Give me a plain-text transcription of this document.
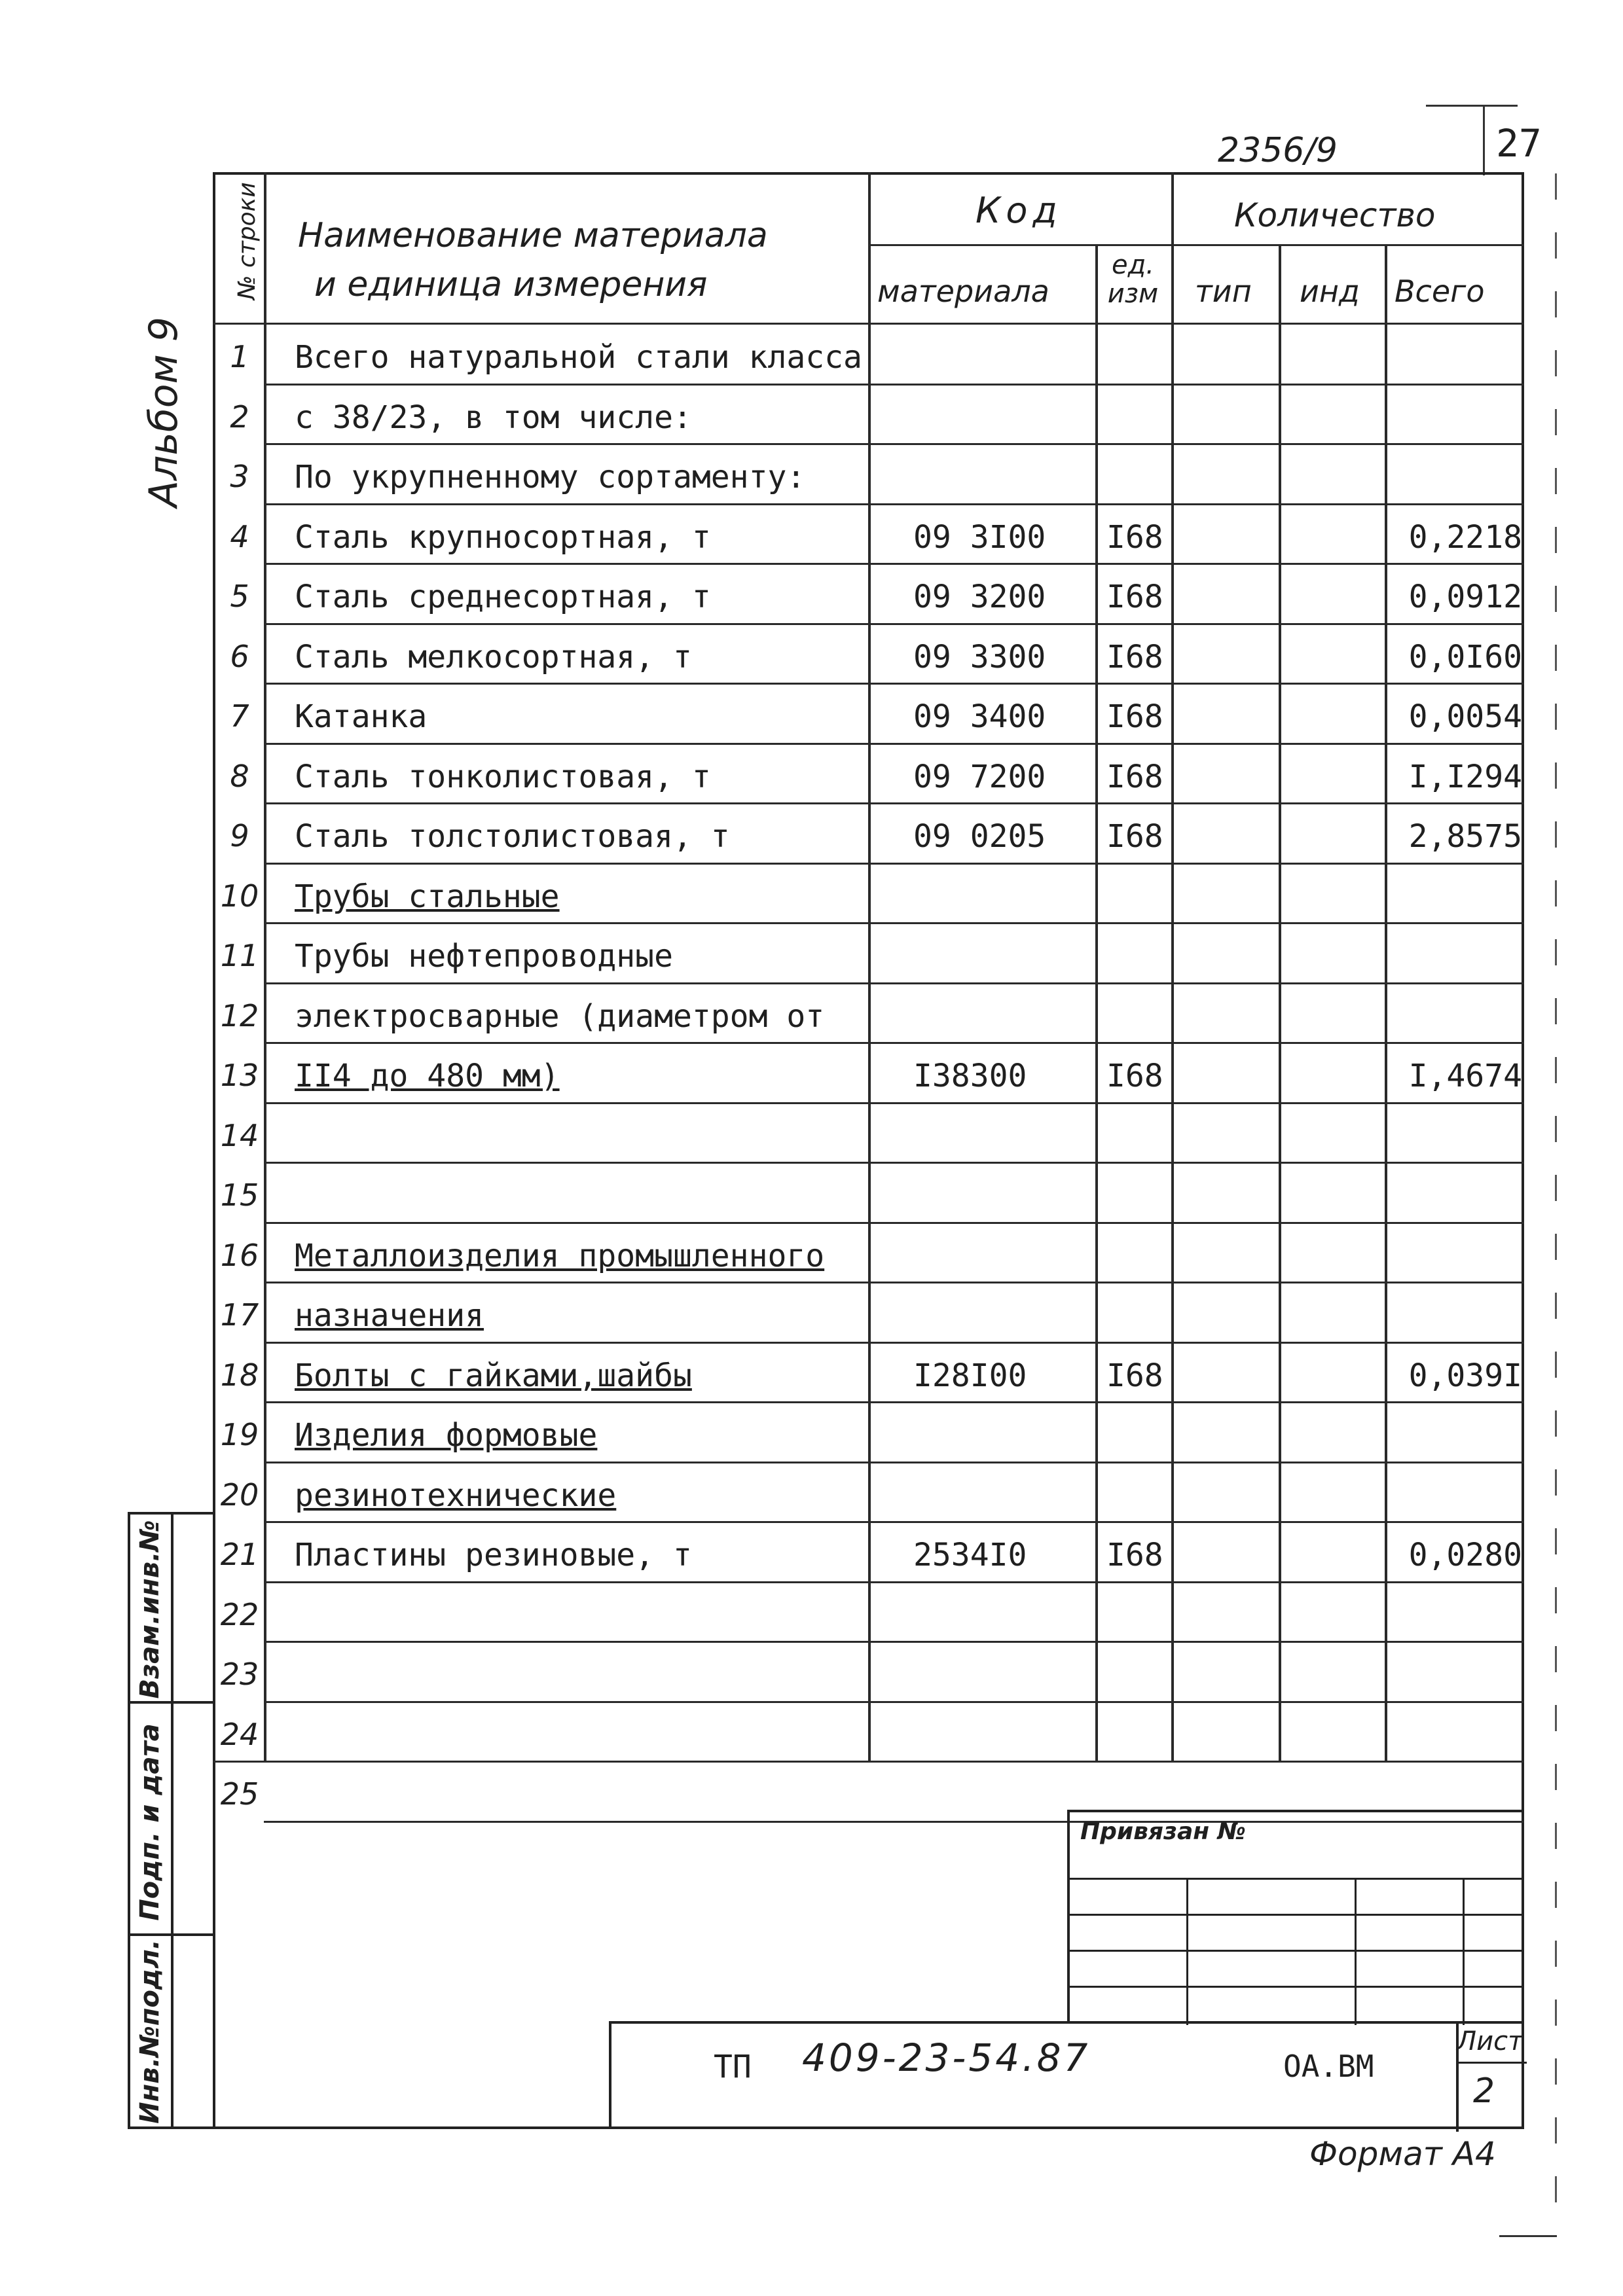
27
2356/9
Альбом 9
Взам.инв.№
Подп. и дата
Инв.№подл.
№ строки Наименование материала
и единица измерения
Код
материала
ед. изм
Количество
тип инд Всего
1	Всего натуральной стали класса
2	с 38/23, в том числе:
3	По укрупненному сортаменту:
4	Сталь крупносортная, т	09 3I00 I68	0,2218
5	Сталь среднесортная, т	09 3200 I68	0,0912
6	Сталь мелкосортная, т	09 3300 I68	0,0I60
7	Катанка	09 3400 I68	0,0054
8	Сталь тонколистовая, т	09 7200 I68	I,I294
9	Сталь толстолистовая, т	09 0205 I68	2,8575
10 Трубы стальные
11 Трубы нефтепроводные
12 электросварные (диаметром от
13 II4 до 480 мм)	I38300	I68	I,4674
14
15
16 Металлоизделия промышленного
17 назначения
18 Болты с гайками,шайбы	I28I00	I68	0,039I
19 Изделия формовые
20 резинотехнические
21 Пластины резиновые, т	2534I0	I68	0,0280
22
23
24
25
Привязан №
ТП 409-23-54.87	ОА.ВМ
Лист
2
Формат А4
